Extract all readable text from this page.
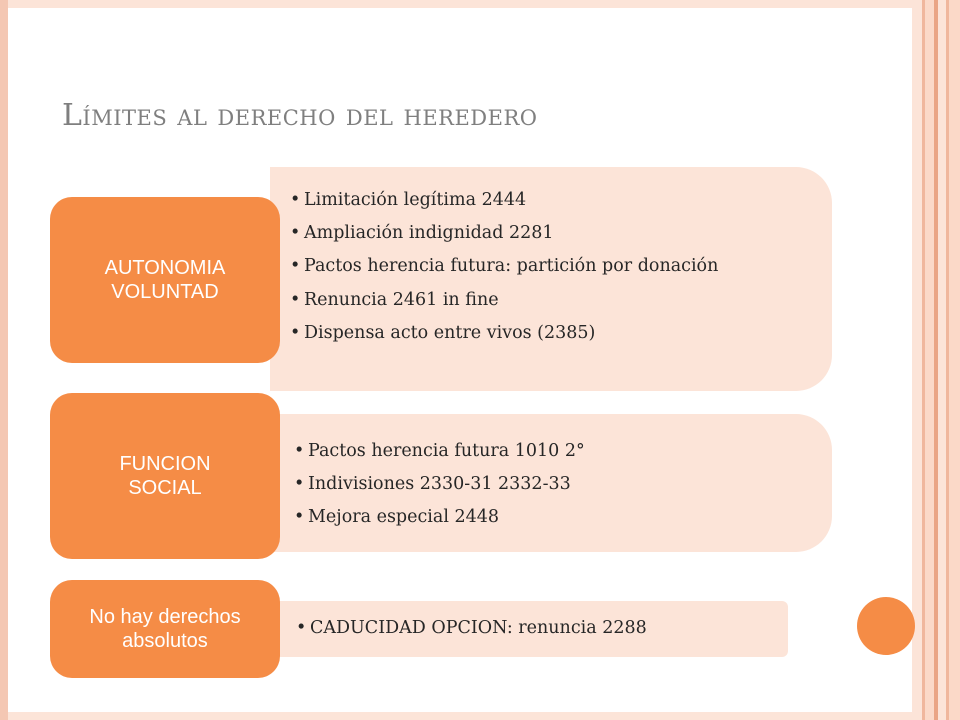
Límites al derecho del heredero
• Limitación legítima 2444
• Ampliación indignidad 2281
• Pactos herencia futura: partición por donación
• Renuncia 2461 in fine
• Dispensa acto entre vivos (2385)
AUTONOMIA
VOLUNTAD
• Pactos herencia futura 1010 2°
• Indivisiones 2330-31 2332-33
• Mejora especial 2448
FUNCION
SOCIAL
• CADUCIDAD OPCION: renuncia 2288
No hay derechos
absolutos
